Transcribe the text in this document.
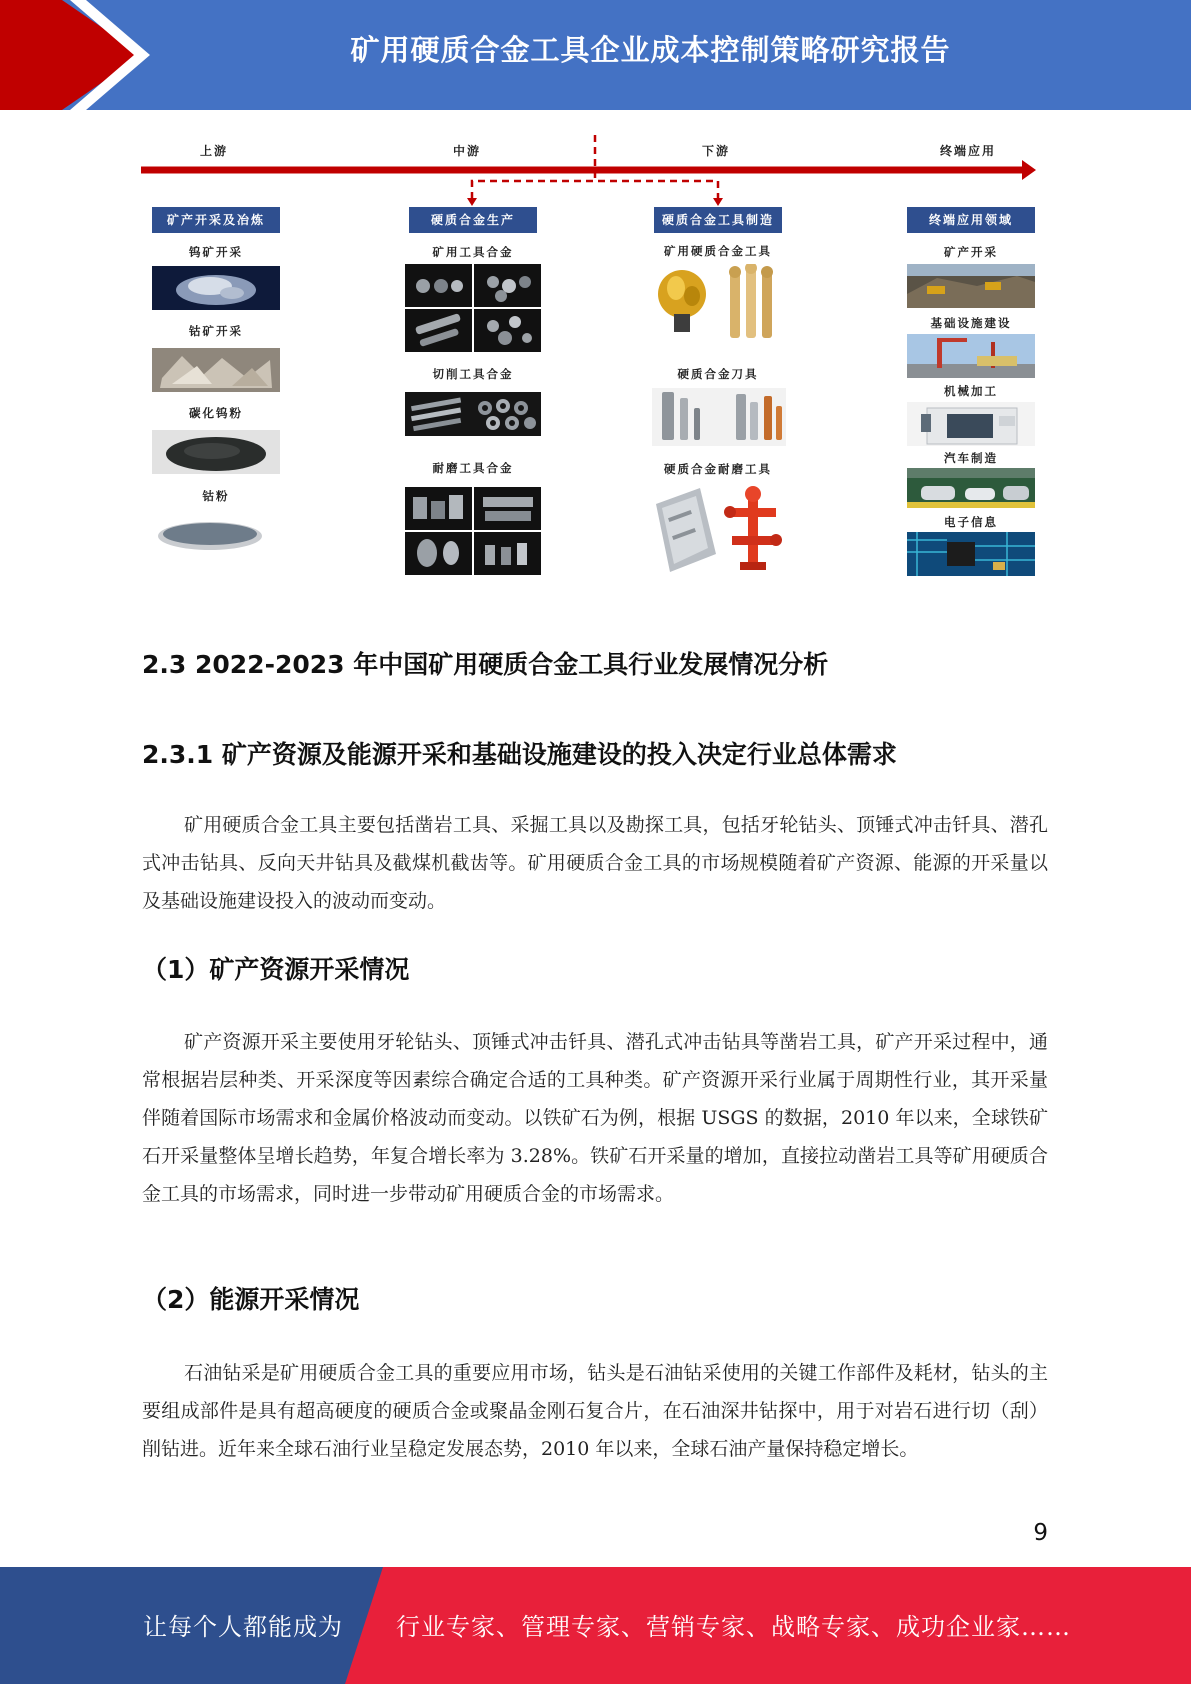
矿用硬质合金工具企业成本控制策略研究报告
上游	中游	下游	终端应用
矿产开采及冶炼	硬质合金生产	硬质合金工具制造	终端应用领域
钨矿开采
钴矿开采
碳化钨粉
钴粉
矿用工具合金
切削工具合金
耐磨工具合金
矿用硬质合金工具
硬质合金刀具
硬质合金耐磨工具
矿产开采
基础设施建设
机械加工
汽车制造
电子信息
2.3 2022-2023 年中国矿用硬质合金工具行业发展情况分析
2.3.1 矿产资源及能源开采和基础设施建设的投入决定行业总体需求
矿用硬质合金工具主要包括凿岩工具、采掘工具以及勘探工具，包括牙轮钻头、顶锤式冲击钎具、潜孔式冲击钻具、反向天井钻具及截煤机截齿等。矿用硬质合金工具的市场规模随着矿产资源、能源的开采量以及基础设施建设投入的波动而变动。
（1）矿产资源开采情况
矿产资源开采主要使用牙轮钻头、顶锤式冲击钎具、潜孔式冲击钻具等凿岩工具，矿产开采过程中，通常根据岩层种类、开采深度等因素综合确定合适的工具种类。矿产资源开采行业属于周期性行业，其开采量伴随着国际市场需求和金属价格波动而变动。以铁矿石为例，根据 USGS 的数据，2010 年以来，全球铁矿石开采量整体呈增长趋势，年复合增长率为 3.28%。铁矿石开采量的增加，直接拉动凿岩工具等矿用硬质合金工具的市场需求，同时进一步带动矿用硬质合金的市场需求。
（2）能源开采情况
石油钻采是矿用硬质合金工具的重要应用市场，钻头是石油钻采使用的关键工作部件及耗材，钻头的主要组成部件是具有超高硬度的硬质合金或聚晶金刚石复合片，在石油深井钻探中，用于对岩石进行切（刮）削钻进。近年来全球石油行业呈稳定发展态势，2010 年以来，全球石油产量保持稳定增长。
9
让每个人都能成为 行业专家、管理专家、营销专家、战略专家、成功企业家……
